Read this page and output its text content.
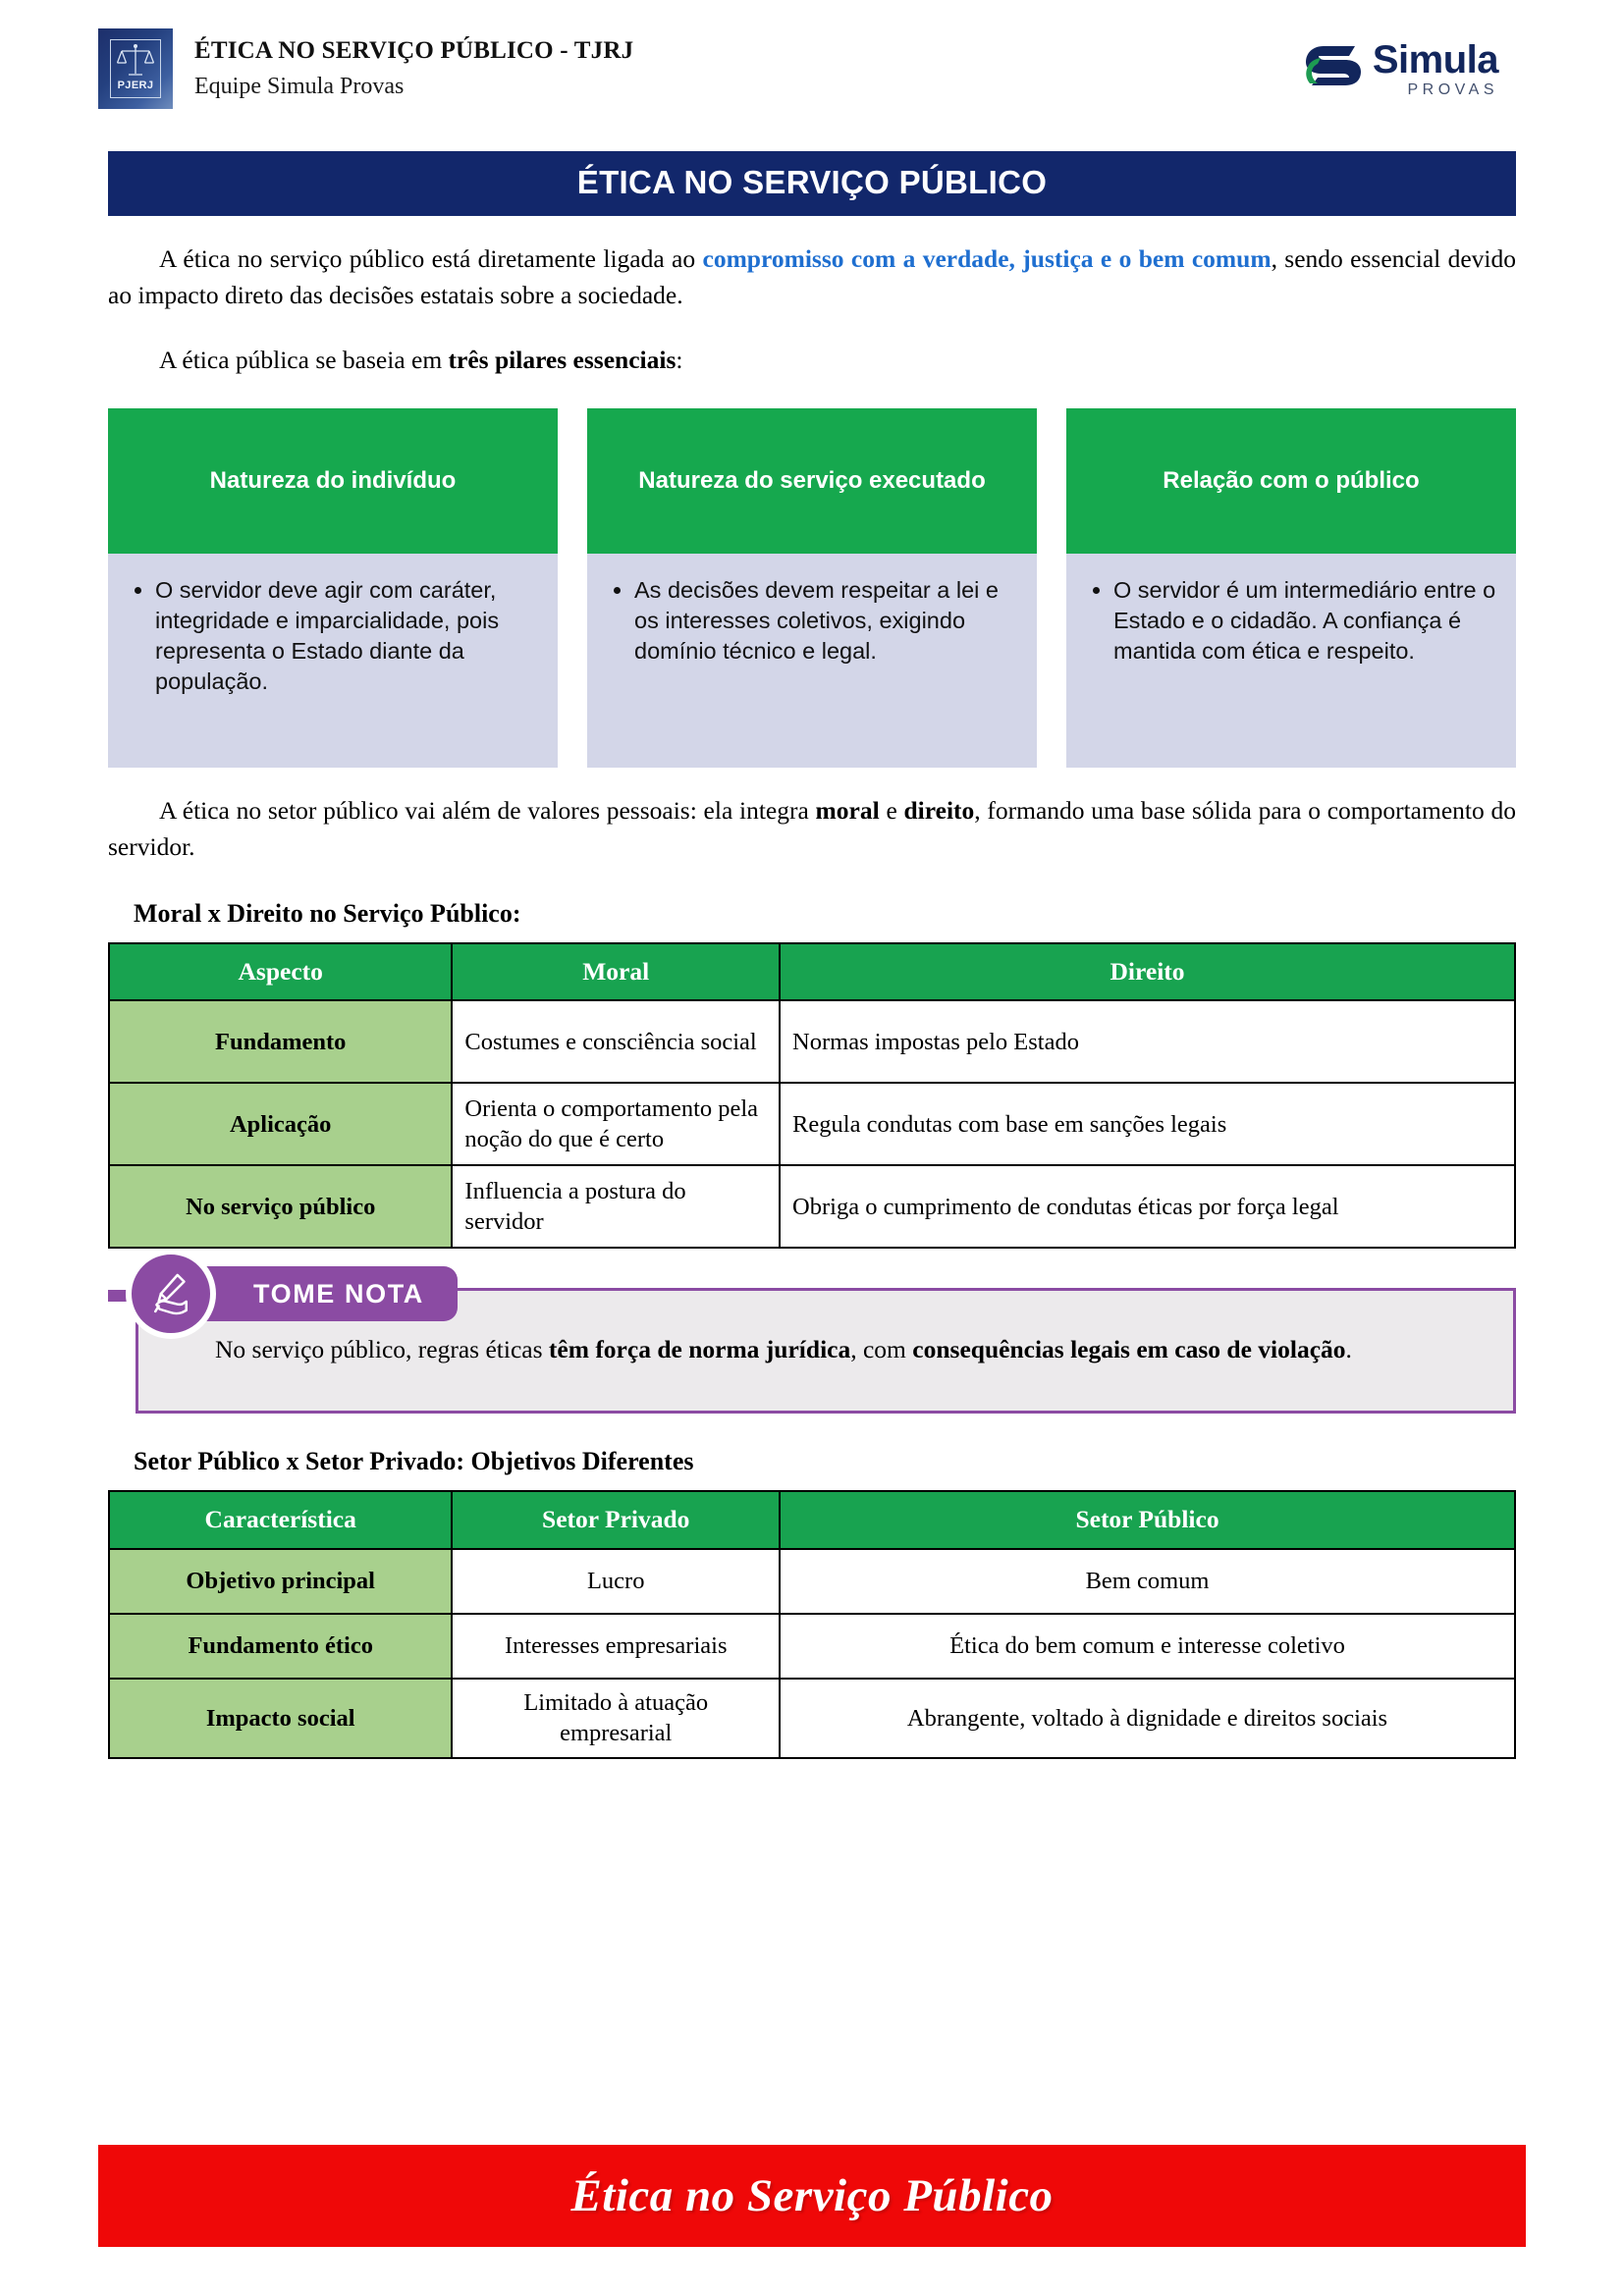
PJERJ
ÉTICA NO SERVIÇO PÚBLICO - TJRJ
Equipe Simula Provas
Simula
PROVAS
ÉTICA NO SERVIÇO PÚBLICO

A ética no serviço público está diretamente ligada ao compromisso com a verdade, justiça e o bem comum, sendo essencial devido ao impacto direto das decisões estatais sobre a sociedade.

A ética pública se baseia em três pilares essenciais:

Natureza do indivíduo
• O servidor deve agir com caráter, integridade e imparcialidade, pois representa o Estado diante da população.
Natureza do serviço executado
• As decisões devem respeitar a lei e os interesses coletivos, exigindo domínio técnico e legal.
Relação com o público
• O servidor é um intermediário entre o Estado e o cidadão. A confiança é mantida com ética e respeito.

A ética no setor público vai além de valores pessoais: ela integra moral e direito, formando uma base sólida para o comportamento do servidor.

Moral x Direito no Serviço Público:
Aspecto	Moral	Direito
Fundamento	Costumes e consciência social	Normas impostas pelo Estado
Aplicação	Orienta o comportamento pela noção do que é certo	Regula condutas com base em sanções legais
No serviço público	Influencia a postura do servidor	Obriga o cumprimento de condutas éticas por força legal
TOME NOTA

No serviço público, regras éticas têm força de norma jurídica, com consequências legais em caso de violação.

Setor Público x Setor Privado: Objetivos Diferentes
Característica	Setor Privado	Setor Público
Objetivo principal	Lucro	Bem comum
Fundamento ético	Interesses empresariais	Ética do bem comum e interesse coletivo
Impacto social	Limitado à atuação empresarial	Abrangente, voltado à dignidade e direitos sociais
Ética no Serviço Público
